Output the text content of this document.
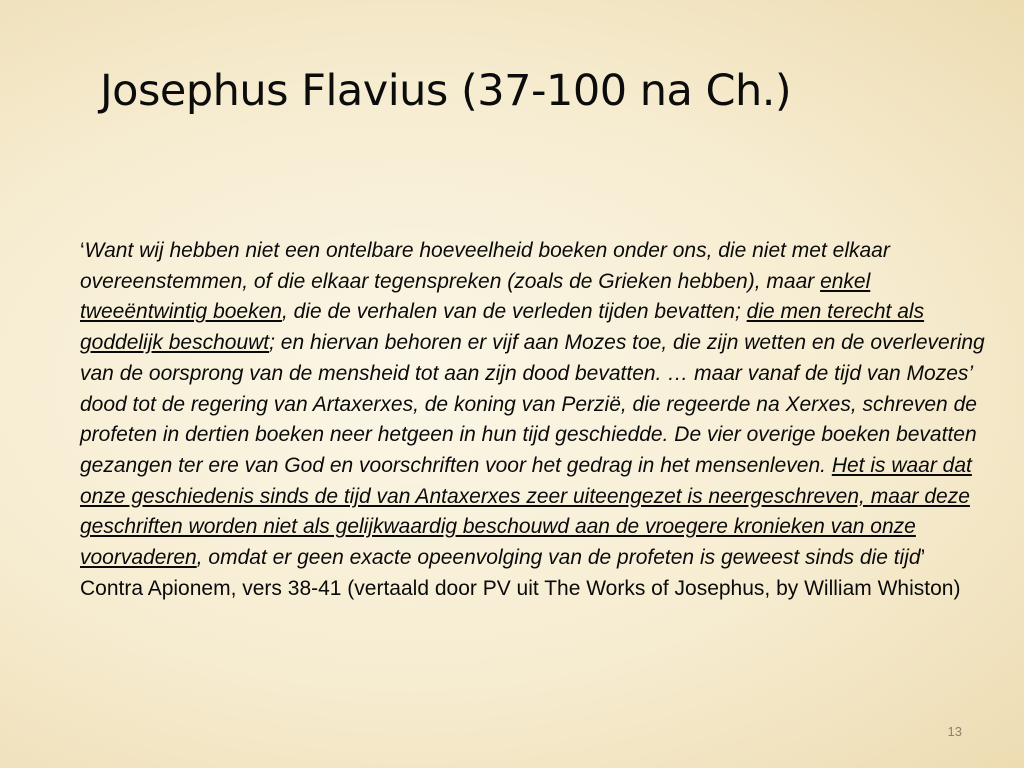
Josephus Flavius (37-100 na Ch.)
‘Want wij hebben niet een ontelbare hoeveelheid boeken onder ons, die niet met elkaar overeenstemmen, of die elkaar tegenspreken (zoals de Grieken hebben), maar enkel tweeëntwintig boeken, die de verhalen van de verleden tijden bevatten; die men terecht als goddelijk beschouwt; en hiervan behoren er vijf aan Mozes toe, die zijn wetten en de overlevering van de oorsprong van de mensheid tot aan zijn dood bevatten. … maar vanaf de tijd van Mozes’ dood tot de regering van Artaxerxes, de koning van Perzië, die regeerde na Xerxes, schreven de profeten in dertien boeken neer hetgeen in hun tijd geschiedde. De vier overige boeken bevatten gezangen ter ere van God en voorschriften voor het gedrag in het mensenleven. Het is waar dat onze geschiedenis sinds de tijd van Antaxerxes zeer uiteengezet is neergeschreven, maar deze geschriften worden niet als gelijkwaardig beschouwd aan de vroegere kronieken van onze voorvaderen, omdat er geen exacte opeenvolging van de profeten is geweest sinds die tijd’ Contra Apionem, vers 38-41 (vertaald door PV uit The Works of Josephus, by William Whiston)
13
